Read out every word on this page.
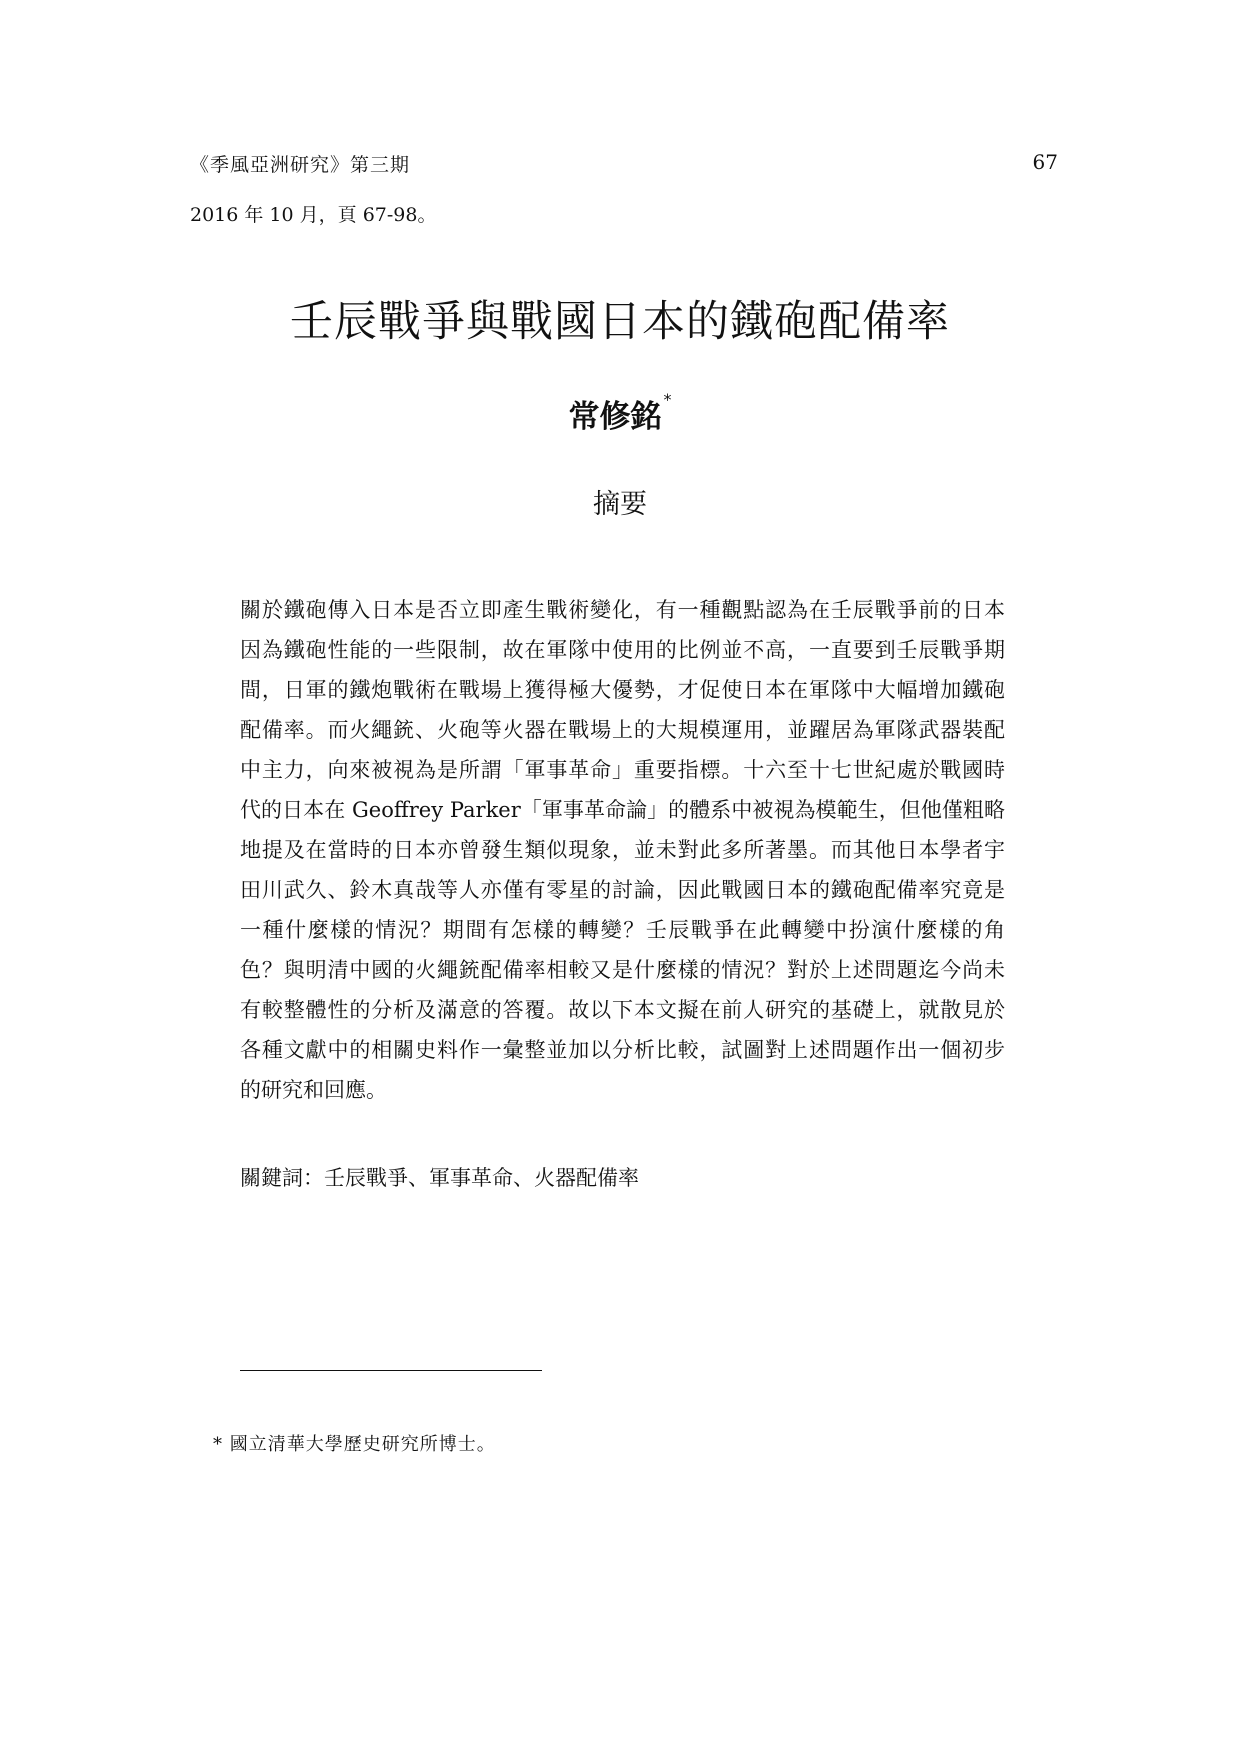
《季風亞洲研究》第三期	67
2016 年 10 月，頁 67-98。
壬辰戰爭與戰國日本的鐵砲配備率
常修銘 *
摘要
關於鐵砲傳入日本是否立即產生戰術變化，有一種觀點認為在壬辰戰爭前的日本
因為鐵砲性能的一些限制，故在軍隊中使用的比例並不高，一直要到壬辰戰爭期
間，日軍的鐵炮戰術在戰場上獲得極大優勢，才促使日本在軍隊中大幅增加鐵砲
配備率。而火繩銃、火砲等火器在戰場上的大規模運用，並躍居為軍隊武器裝配
中主力，向來被視為是所謂「軍事革命」重要指標。十六至十七世紀處於戰國時
代的日本在 Geoffrey Parker「軍事革命論」的體系中被視為模範生，但他僅粗略
地提及在當時的日本亦曾發生類似現象，並未對此多所著墨。而其他日本學者宇
田川武久、鈴木真哉等人亦僅有零星的討論，因此戰國日本的鐵砲配備率究竟是
一種什麼樣的情況？期間有怎樣的轉變？壬辰戰爭在此轉變中扮演什麼樣的角
色？與明清中國的火繩銃配備率相較又是什麼樣的情況？對於上述問題迄今尚未
有較整體性的分析及滿意的答覆。故以下本文擬在前人研究的基礎上，就散見於
各種文獻中的相關史料作一彙整並加以分析比較，試圖對上述問題作出一個初步
的研究和回應。
關鍵詞：壬辰戰爭、軍事革命、火器配備率
* 國立清華大學歷史研究所博士。
